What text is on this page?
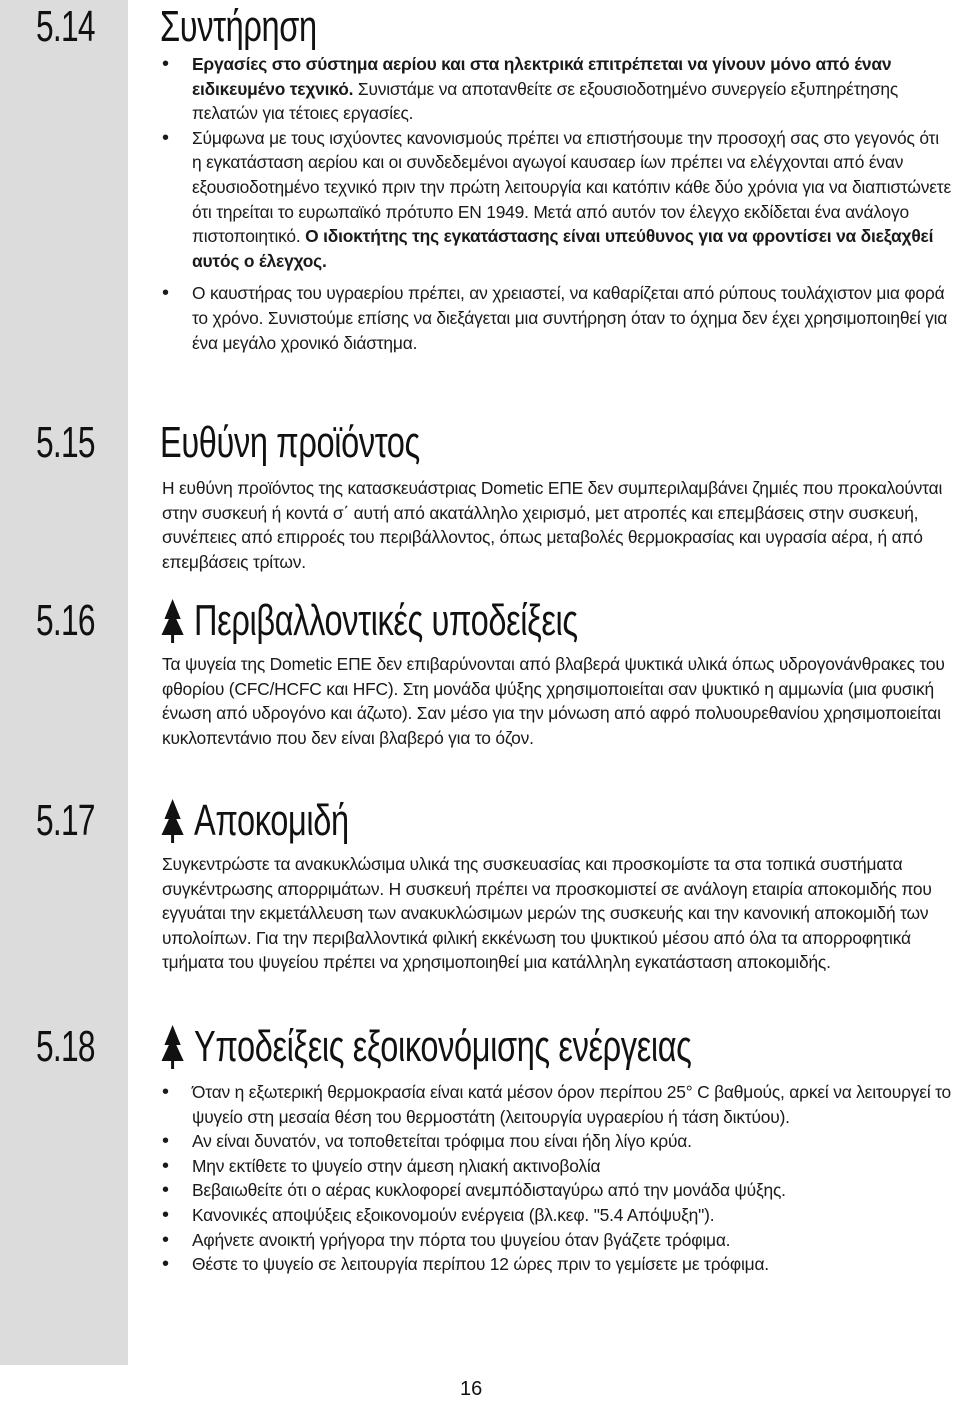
5.14 Συντήρηση
• Εργασίες στο σύστημα αερίου και στα ηλεκτρικά επιτρέπεται να γίνουν μόνο από έναν ειδικευμένο τεχνικό. Συνιστάμε να αποτανθείτε σε εξουσιοδοτημένο συνεργείο εξυπηρέτησης πελατών για τέτοιες εργασίες.
• Σύμφωνα με τους ισχύοντες κανονισμούς πρέπει να επιστήσουμε την προσοχή σας στο γεγονός ότι η εγκατάσταση αερίου και οι συνδεδεμένοι αγωγοί καυσαερ ίων πρέπει να ελέγχονται από έναν εξουσιοδοτημένο τεχνικό πριν την πρώτη λειτουργία και κατόπιν κάθε δύο χρόνια για να διαπιστώνετε ότι τηρείται το ευρωπαϊκό πρότυπο EN 1949. Μετά από αυτόν τον έλεγχο εκδίδεται ένα ανάλογο πιστοποιητικό. Ο ιδιοκτήτης της εγκατάστασης είναι υπεύθυνος για να φροντίσει να διεξαχθεί αυτός ο έλεγχος.
• Ο καυστήρας του υγραερίου πρέπει, αν χρειαστεί, να καθαρίζεται από ρύπους τουλάχιστον μια φορά το χρόνο. Συνιστούμε επίσης να διεξάγεται μια συντήρηση όταν το όχημα δεν έχει χρησιμοποιηθεί για ένα μεγάλο χρονικό διάστημα.
5.15 Ευθύνη προϊόντος
Η ευθύνη προϊόντος της κατασκευάστριας Dometic ΕΠΕ δεν συμπεριλαμβάνει ζημιές που προκαλούνται στην συσκευή ή κοντά σ΄ αυτή από ακατάλληλο χειρισμό, μετ ατροπές και επεμβάσεις στην συσκευή, συνέπειες από επιρροές του περιβάλλοντος, όπως μεταβολές θερμοκρασίας και υγρασία αέρα, ή από επεμβάσεις τρίτων.
5.16 Περιβαλλοντικές υποδείξεις
Τα ψυγεία της Dometic ΕΠΕ δεν επιβαρύνονται από βλαβερά ψυκτικά υλικά όπως υδρογονάνθρακες του φθορίου (CFC/HCFC και HFC). Στη μονάδα ψύξης χρησιμοποιείται σαν ψυκτικό η αμμωνία (μια φυσική ένωση από υδρογόνο και άζωτο). Σαν μέσο για την μόνωση από αφρό πολυουρεθανίου χρησιμοποιείται κυκλοπεντάνιο που δεν είναι βλαβερό για το όζον.
5.17 Αποκομιδή
Συγκεντρώστε τα ανακυκλώσιμα υλικά της συσκευασίας και προσκομίστε τα στα τοπικά συστήματα συγκέντρωσης απορριμάτων. Η συσκευή πρέπει να προσκομιστεί σε ανάλογη εταιρία αποκομιδής που εγγυάται την εκμετάλλευση των ανακυκλώσιμων μερών της συσκευής και την κανονική αποκομιδή των υπολοίπων. Για την περιβαλλοντικά φιλική εκκένωση του ψυκτικού μέσου από όλα τα απορροφητικά τμήματα του ψυγείου πρέπει να χρησιμοποιηθεί μια κατάλληλη εγκατάσταση αποκομιδής.
5.18 Υποδείξεις εξοικονόμισης ενέργειας
• Όταν η εξωτερική θερμοκρασία είναι κατά μέσον όρον περίπου 25° C βαθμούς, αρκεί να λειτουργεί το ψυγείο στη μεσαία θέση του θερμοστάτη (λειτουργία υγραερίου ή τάση δικτύου).
• Αν είναι δυνατόν, να τοποθετείται τρόφιμα που είναι ήδη λίγο κρύα.
• Μην εκτίθετε το ψυγείο στην άμεση ηλιακή ακτινοβολία
• Βεβαιωθείτε ότι ο αέρας κυκλοφορεί ανεμπόδισταγύρω από την μονάδα ψύξης.
• Κανονικές αποψύξεις εξοικονομούν ενέργεια (βλ.κεφ. "5.4 Απόψυξη").
• Αφήνετε ανοικτή γρήγορα την πόρτα του ψυγείου όταν βγάζετε τρόφιμα.
• Θέστε το ψυγείο σε λειτουργία περίπου 12 ώρες πριν το γεμίσετε με τρόφιμα.
16
